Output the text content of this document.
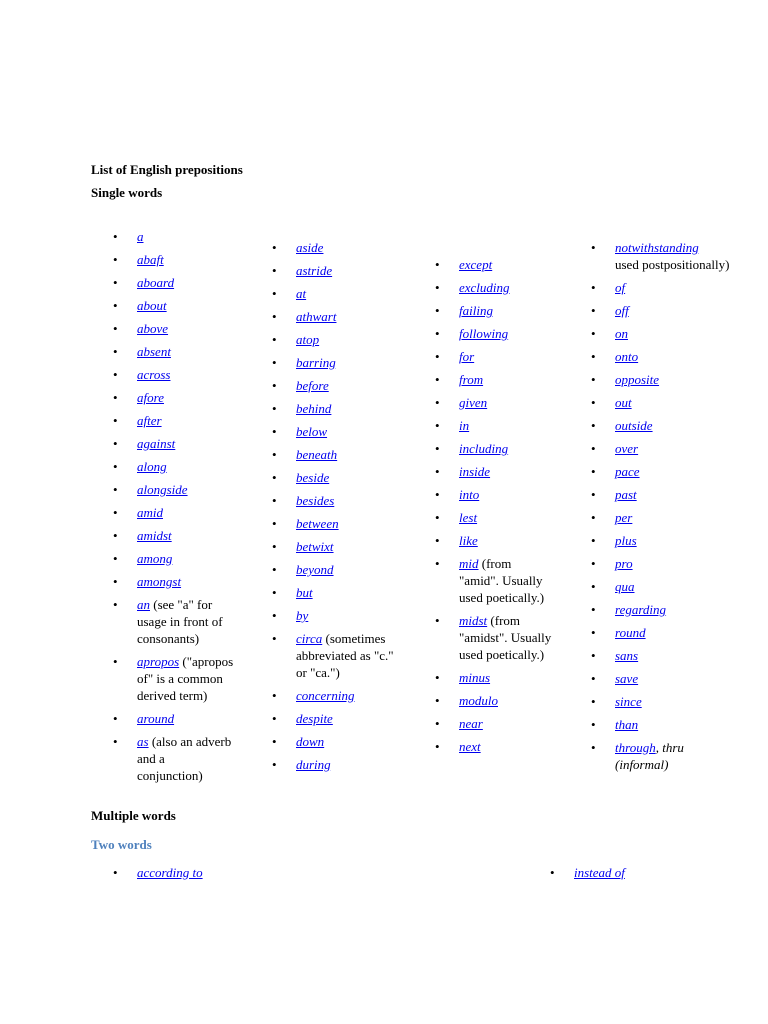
List of English prepositions
Single words
• a
• abaft
• aboard
• about
• above
• absent
• across
• afore
• after
• against
• along
• alongside
• amid
• amidst
• among
• amongst
• an (see "a" for
usage in front of
consonants)
• apropos ("apropos
of" is a common
derived term)
• around
• as (also an adverb
and a
conjunction)
• aside
• astride
• at
• athwart
• atop
• barring
• before
• behind
• below
• beneath
• beside
• besides
• between
• betwixt
• beyond
• but
• by
• circa (sometimes
abbreviated as "c."
or "ca.")
• concerning
• despite
• down
• during
• except
• excluding
• failing
• following
• for
• from
• given
• in
• including
• inside
• into
• lest
• like
• mid (from
"amid". Usually
used poetically.)
• midst (from
"amidst". Usually
used poetically.)
• minus
• modulo
• near
• next
• notwithstanding
used postpositionally)
• of
• off
• on
• onto
• opposite
• out
• outside
• over
• pace
• past
• per
• plus
• pro
• qua
• regarding
• round
• sans
• save
• since
• than
• through, thru
(informal)
Multiple words
Two words
• according to
•	instead of
